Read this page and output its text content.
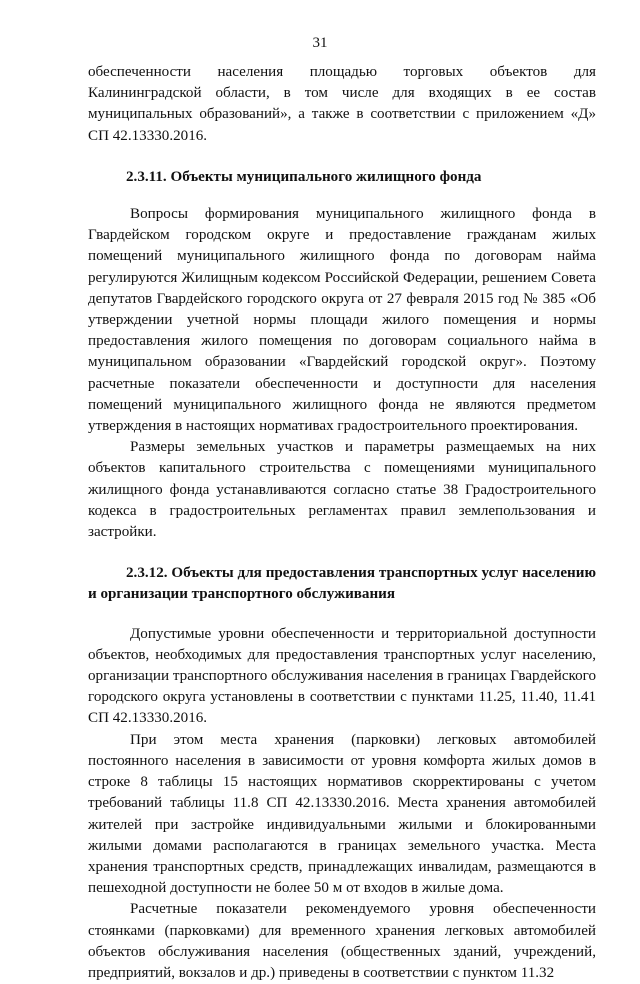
31

обеспеченности населения площадью торговых объектов для Калининградской области, в том числе для входящих в ее состав муниципальных образований», а также в соответствии с приложением «Д» СП 42.13330.2016.

2.3.11. Объекты муниципального жилищного фонда

Вопросы формирования муниципального жилищного фонда в Гвардейском городском округе и предоставление гражданам жилых помещений муниципального жилищного фонда по договорам найма регулируются Жилищным кодексом Российской Федерации, решением Совета депутатов Гвардейского городского округа от 27 февраля 2015 год № 385 «Об утверждении учетной нормы площади жилого помещения и нормы предоставления жилого помещения по договорам социального найма в муниципальном образовании «Гвардейский городской округ». Поэтому расчетные показатели обеспеченности и доступности для населения помещений муниципального жилищного фонда не являются предметом утверждения в настоящих нормативах градостроительного проектирования.

Размеры земельных участков и параметры размещаемых на них объектов капитального строительства с помещениями муниципального жилищного фонда устанавливаются согласно статье 38 Градостроительного кодекса в градостроительных регламентах правил землепользования и застройки.

2.3.12. Объекты для предоставления транспортных услуг населению и организации транспортного обслуживания

Допустимые уровни обеспеченности и территориальной доступности объектов, необходимых для предоставления транспортных услуг населению, организации транспортного обслуживания населения в границах Гвардейского городского округа установлены в соответствии с пунктами 11.25, 11.40, 11.41 СП 42.13330.2016.

При этом места хранения (парковки) легковых автомобилей постоянного населения в зависимости от уровня комфорта жилых домов в строке 8 таблицы 15 настоящих нормативов скорректированы с учетом требований таблицы 11.8 СП 42.13330.2016. Места хранения автомобилей жителей при застройке индивидуальными жилыми и блокированными жилыми домами располагаются в границах земельного участка. Места хранения транспортных средств, принадлежащих инвалидам, размещаются в пешеходной доступности не более 50 м от входов в жилые дома.

Расчетные показатели рекомендуемого уровня обеспеченности стоянками (парковками) для временного хранения легковых автомобилей объектов обслуживания населения (общественных зданий, учреждений, предприятий, вокзалов и др.) приведены в соответствии с пунктом 11.32
